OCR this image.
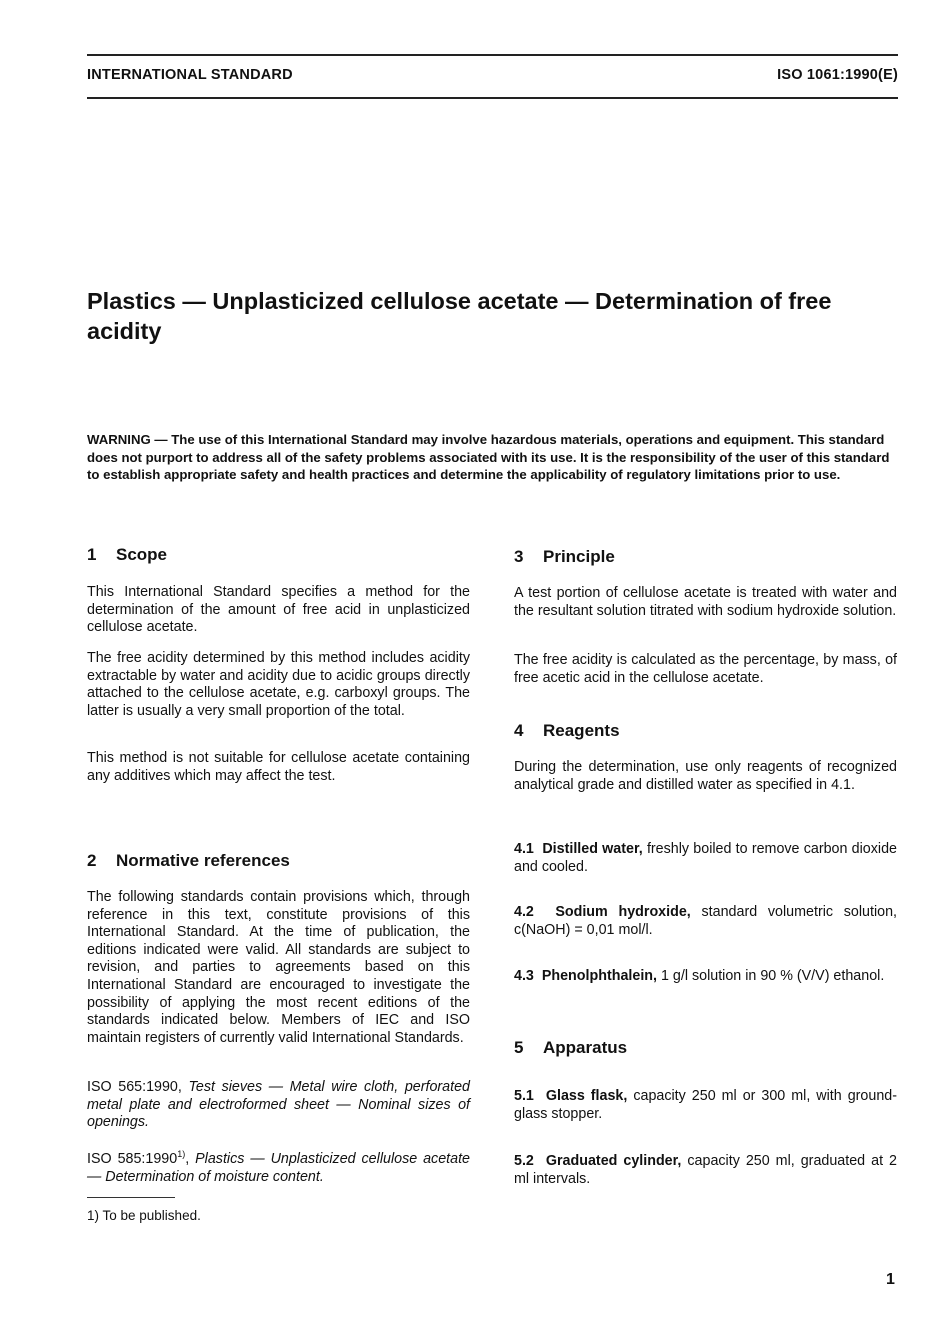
INTERNATIONAL STANDARD	ISO 1061:1990(E)
Plastics — Unplasticized cellulose acetate — Determination of free acidity
WARNING — The use of this International Standard may involve hazardous materials, operations and equipment. This standard does not purport to address all of the safety problems associated with its use. It is the responsibility of the user of this standard to establish appropriate safety and health practices and determine the applicability of regulatory limitations prior to use.
1 Scope

This International Standard specifies a method for the determination of the amount of free acid in unplasticized cellulose acetate.

The free acidity determined by this method includes acidity extractable by water and acidity due to acidic groups directly attached to the cellulose acetate, e.g. carboxyl groups. The latter is usually a very small proportion of the total.

This method is not suitable for cellulose acetate containing any additives which may affect the test.

2 Normative references

The following standards contain provisions which, through reference in this text, constitute provisions of this International Standard. At the time of publication, the editions indicated were valid. All standards are subject to revision, and parties to agreements based on this International Standard are encouraged to investigate the possibility of applying the most recent editions of the standards indicated below. Members of IEC and ISO maintain registers of currently valid International Standards.

ISO 565:1990, Test sieves — Metal wire cloth, perforated metal plate and electroformed sheet — Nominal sizes of openings.

ISO 585:1990$^{1)}$, Plastics — Unplasticized cellulose acetate — Determination of moisture content.

1) To be published.
3 Principle

A test portion of cellulose acetate is treated with water and the resultant solution titrated with sodium hydroxide solution.

The free acidity is calculated as the percentage, by mass, of free acetic acid in the cellulose acetate.

4 Reagents

During the determination, use only reagents of recognized analytical grade and distilled water as specified in 4.1.

4.1 Distilled water, freshly boiled to remove carbon dioxide and cooled.

4.2 Sodium hydroxide, standard volumetric solution, c(NaOH) = 0,01 mol/l.

4.3 Phenolphthalein, 1 g/l solution in 90 % (V/V) ethanol.

5 Apparatus

5.1 Glass flask, capacity 250 ml or 300 ml, with ground-glass stopper.

5.2 Graduated cylinder, capacity 250 ml, graduated at 2 ml intervals.

1
